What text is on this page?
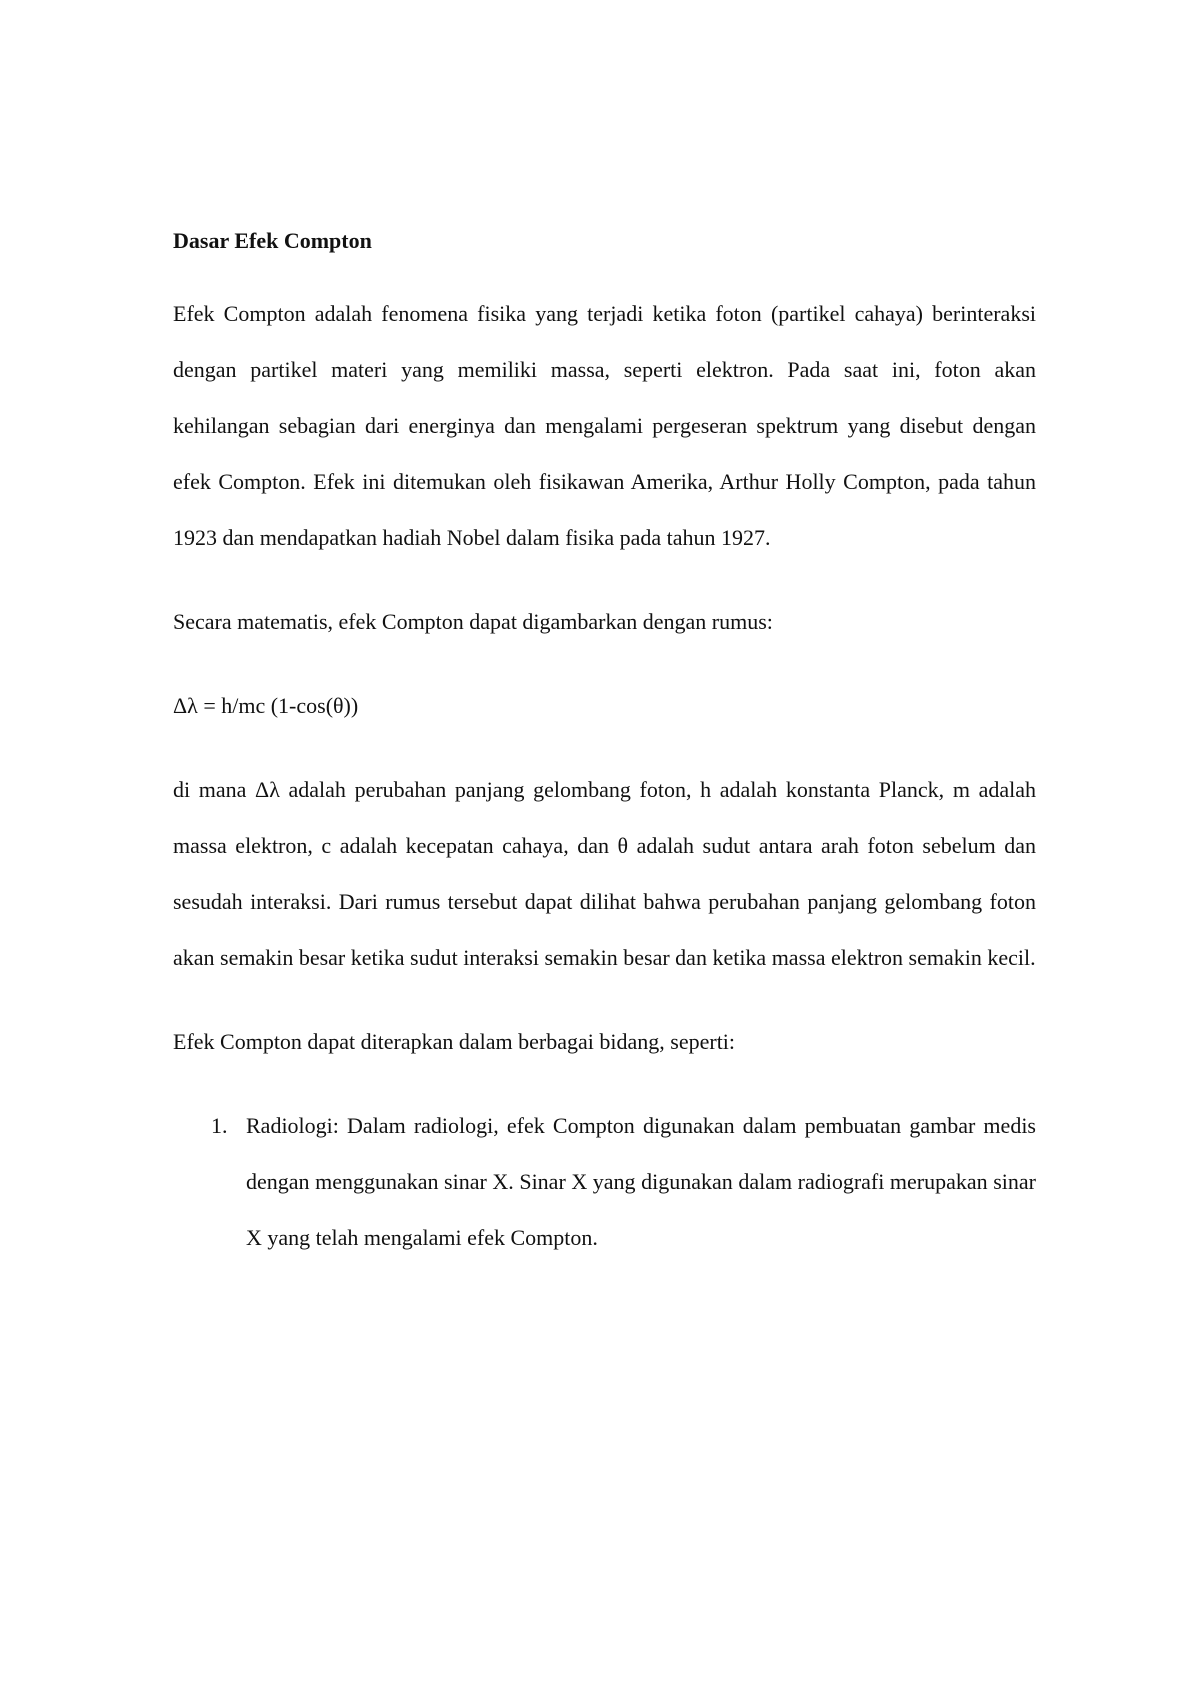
Dasar Efek Compton
Efek Compton adalah fenomena fisika yang terjadi ketika foton (partikel cahaya) berinteraksi dengan partikel materi yang memiliki massa, seperti elektron. Pada saat ini, foton akan kehilangan sebagian dari energinya dan mengalami pergeseran spektrum yang disebut dengan efek Compton. Efek ini ditemukan oleh fisikawan Amerika, Arthur Holly Compton, pada tahun 1923 dan mendapatkan hadiah Nobel dalam fisika pada tahun 1927.
Secara matematis, efek Compton dapat digambarkan dengan rumus:
Δλ = h/mc (1-cos(θ))
di mana Δλ adalah perubahan panjang gelombang foton, h adalah konstanta Planck, m adalah massa elektron, c adalah kecepatan cahaya, dan θ adalah sudut antara arah foton sebelum dan sesudah interaksi. Dari rumus tersebut dapat dilihat bahwa perubahan panjang gelombang foton akan semakin besar ketika sudut interaksi semakin besar dan ketika massa elektron semakin kecil.
Efek Compton dapat diterapkan dalam berbagai bidang, seperti:
1. Radiologi: Dalam radiologi, efek Compton digunakan dalam pembuatan gambar medis dengan menggunakan sinar X. Sinar X yang digunakan dalam radiografi merupakan sinar X yang telah mengalami efek Compton.
